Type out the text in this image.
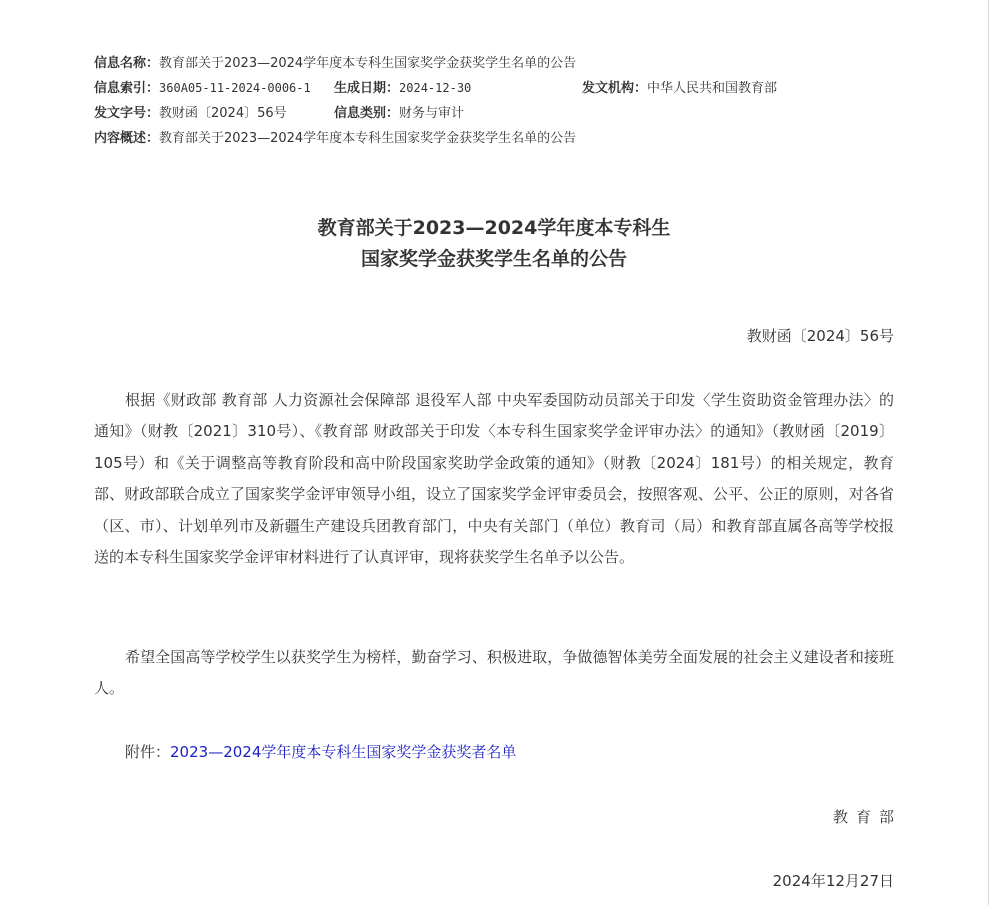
信息名称：教育部关于2023—2024学年度本专科生国家奖学金获奖学生名单的公告
信息索引：360A05-11-2024-0006-1 生成日期：2024-12-30	发文机构：中华人民共和国教育部
发文字号：教财函〔2024〕56号	信息类别：财务与审计
内容概述：教育部关于2023—2024学年度本专科生国家奖学金获奖学生名单的公告
教育部关于2023—2024学年度本专科生
国家奖学金获奖学生名单的公告
教财函〔2024〕56号
根据《财政部 教育部 人力资源社会保障部 退役军人部 中央军委国防动员部关于印发〈学生资助资金管理办法〉的通知》（财教〔2021〕310号）、《教育部 财政部关于印发〈本专科生国家奖学金评审办法〉的通知》（教财函〔2019〕105号）和《关于调整高等教育阶段和高中阶段国家奖助学金政策的通知》（财教〔2024〕181号）的相关规定，教育部、财政部联合成立了国家奖学金评审领导小组，设立了国家奖学金评审委员会，按照客观、公平、公正的原则，对各省（区、市）、计划单列市及新疆生产建设兵团教育部门，中央有关部门（单位）教育司（局）和教育部直属各高等学校报送的本专科生国家奖学金评审材料进行了认真评审，现将获奖学生名单予以公告。
希望全国高等学校学生以获奖学生为榜样，勤奋学习、积极进取，争做德智体美劳全面发展的社会主义建设者和接班人。
附件：2023—2024学年度本专科生国家奖学金获奖者名单
教育部
2024年12月27日
